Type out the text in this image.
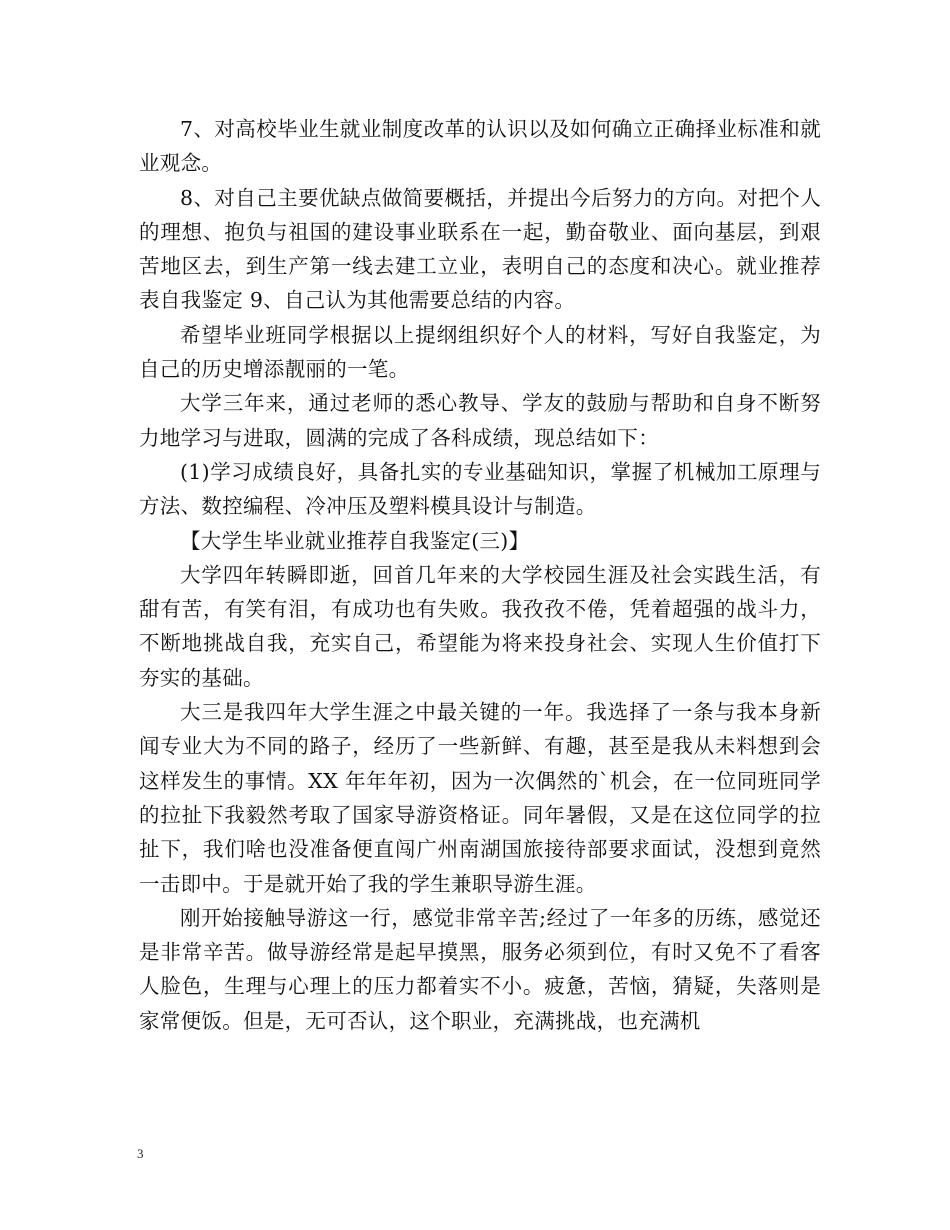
7、对高校毕业生就业制度改革的认识以及如何确立正确择业标准和就业观念。

8、对自己主要优缺点做简要概括，并提出今后努力的方向。对把个人的理想、抱负与祖国的建设事业联系在一起，勤奋敬业、面向基层，到艰苦地区去，到生产第一线去建工立业，表明自己的态度和决心。就业推荐表自我鉴定 9、自己认为其他需要总结的内容。

希望毕业班同学根据以上提纲组织好个人的材料，写好自我鉴定，为自己的历史增添靓丽的一笔。

大学三年来，通过老师的悉心教导、学友的鼓励与帮助和自身不断努力地学习与进取，圆满的完成了各科成绩，现总结如下：

(1)学习成绩良好，具备扎实的专业基础知识，掌握了机械加工原理与方法、数控编程、冷冲压及塑料模具设计与制造。

【大学生毕业就业推荐自我鉴定(三)】

大学四年转瞬即逝，回首几年来的大学校园生涯及社会实践生活，有甜有苦，有笑有泪，有成功也有失败。我孜孜不倦，凭着超强的战斗力，不断地挑战自我，充实自己，希望能为将来投身社会、实现人生价值打下夯实的基础。

大三是我四年大学生涯之中最关键的一年。我选择了一条与我本身新闻专业大为不同的路子，经历了一些新鲜、有趣，甚至是我从未料想到会这样发生的事情。XX 年年年初，因为一次偶然的`机会，在一位同班同学的拉扯下我毅然考取了国家导游资格证。同年暑假，又是在这位同学的拉扯下，我们啥也没准备便直闯广州南湖国旅接待部要求面试，没想到竟然一击即中。于是就开始了我的学生兼职导游生涯。

刚开始接触导游这一行，感觉非常辛苦;经过了一年多的历练，感觉还是非常辛苦。做导游经常是起早摸黑，服务必须到位，有时又免不了看客人脸色，生理与心理上的压力都着实不小。疲惫，苦恼，猜疑，失落则是家常便饭。但是，无可否认，这个职业，充满挑战，也充满机

3
